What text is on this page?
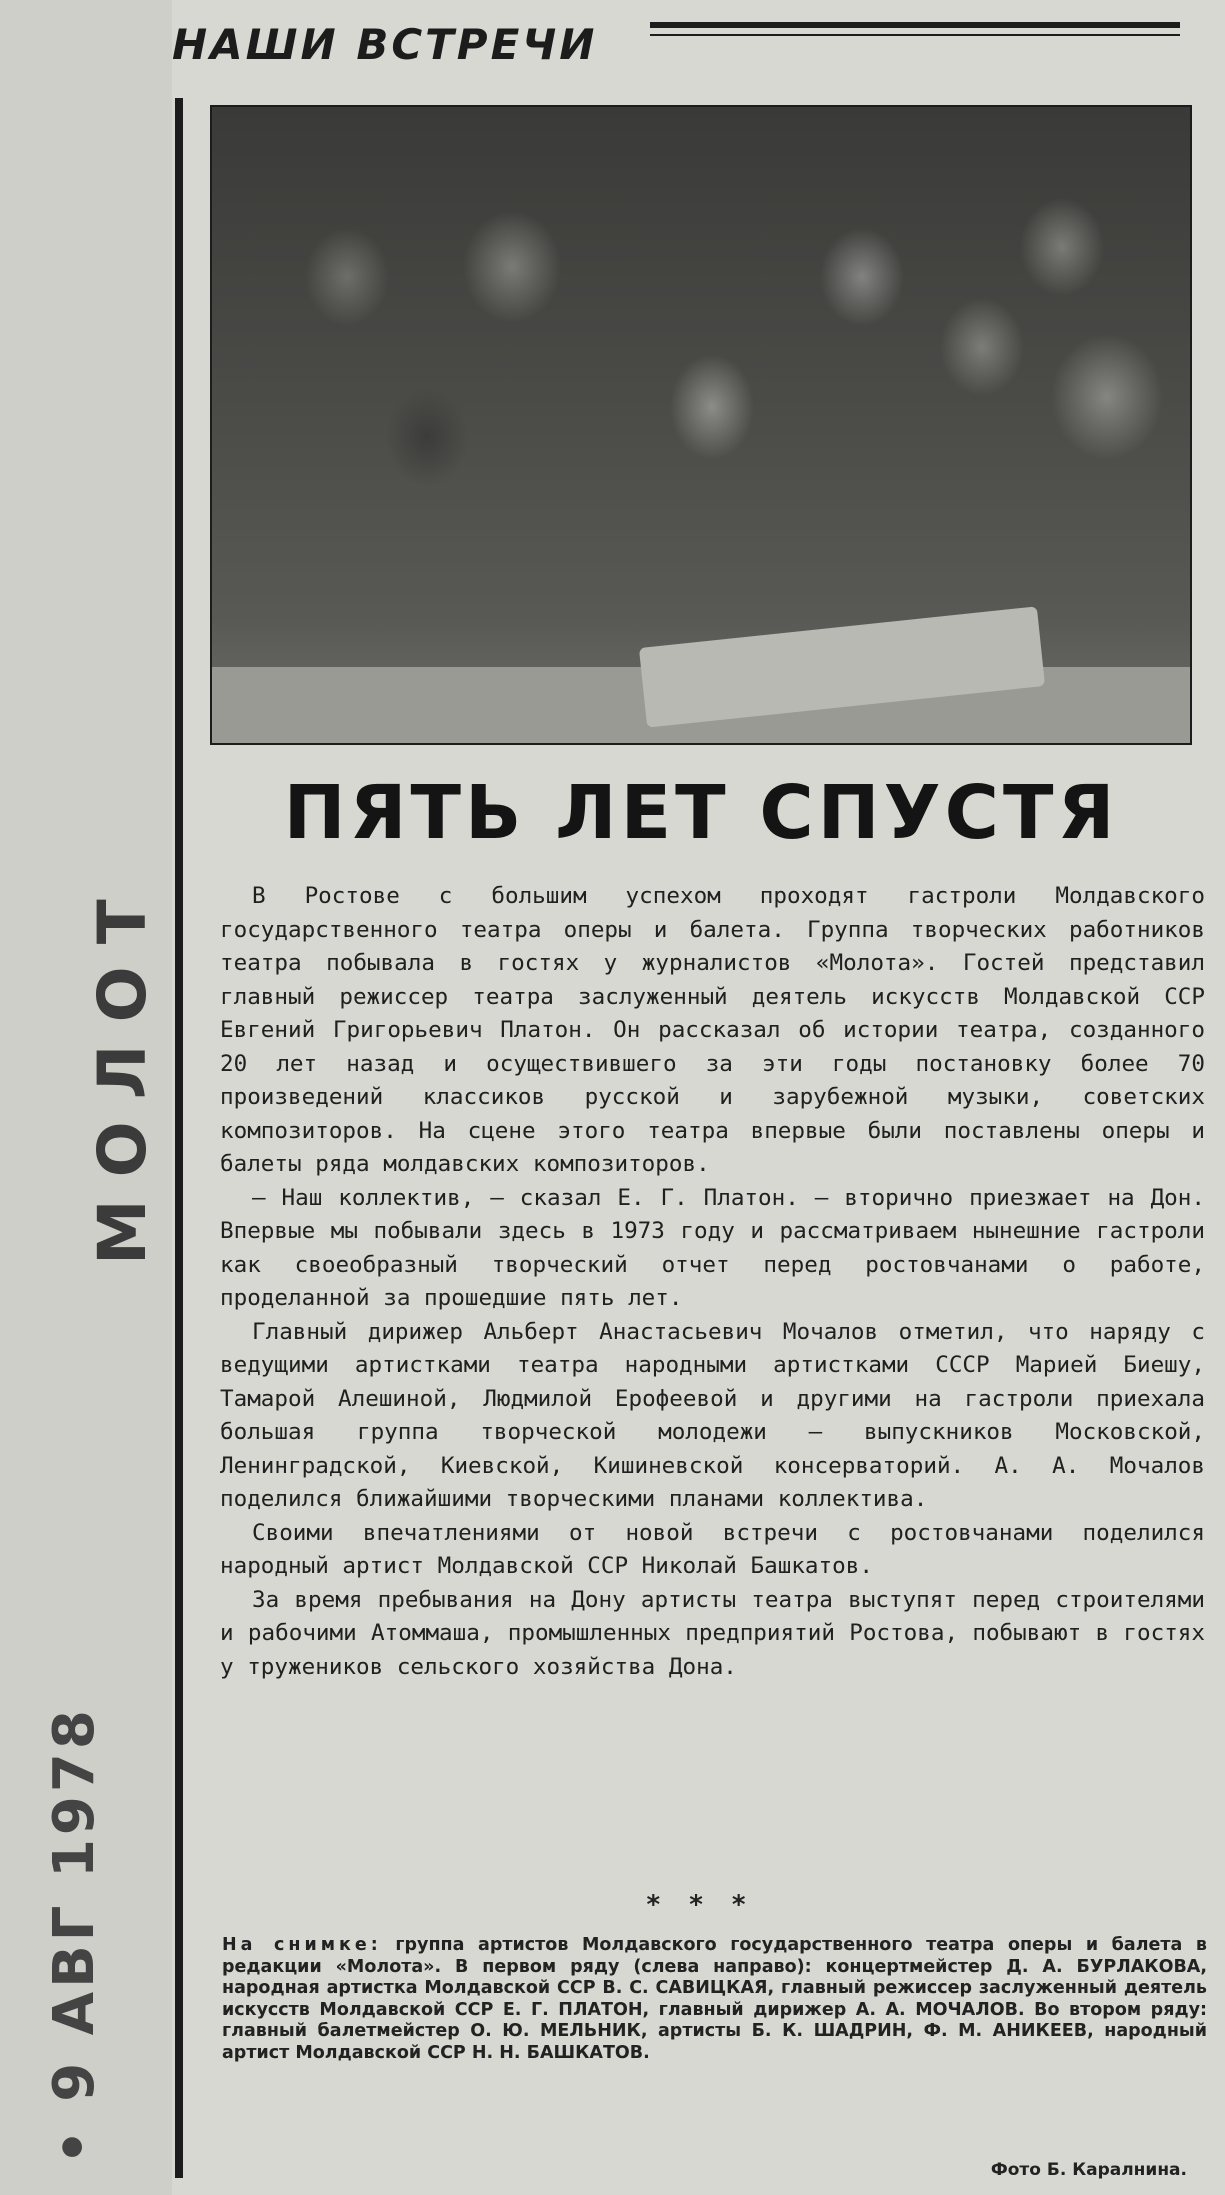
МОЛОТ
• 9 АВГ 1978
НАШИ ВСТРЕЧИ
ПЯТЬ ЛЕТ СПУСТЯ

В Ростове с большим успехом проходят гастроли Молдавского государственного театра оперы и балета. Группа творческих работников театра побывала в гостях у журналистов «Молота». Гостей представил главный режиссер театра заслуженный деятель искусств Молдавской ССР Евгений Григорьевич Платон. Он рассказал об истории театра, созданного 20 лет назад и осуществившего за эти годы постановку более 70 произведений классиков русской и зарубежной музыки, советских композиторов. На сцене этого театра впервые были поставлены оперы и балеты ряда молдавских композиторов.

— Наш коллектив, — сказал Е. Г. Платон. — вторично приезжает на Дон. Впервые мы побывали здесь в 1973 году и рассматриваем нынешние гастроли как своеобразный творческий отчет перед ростовчанами о работе, проделанной за прошедшие пять лет.

Главный дирижер Альберт Анастасьевич Мочалов отметил, что наряду с ведущими артистками театра народными артистками СССР Марией Биешу, Тамарой Алешиной, Людмилой Ерофеевой и другими на гастроли приехала большая группа творческой молодежи — выпускников Московской, Ленинградской, Киевской, Кишиневской консерваторий. А. А. Мочалов поделился ближайшими творческими планами коллектива.

Своими впечатлениями от новой встречи с ростовчанами поделился народный артист Молдавской ССР Николай Башкатов.

За время пребывания на Дону артисты театра выступят перед строителями и рабочими Атоммаша, промышленных предприятий Ростова, побывают в гостях у тружеников сельского хозяйства Дона.

* * *
На снимке: группа артистов Молдавского государственного театра оперы и балета в редакции «Молота». В первом ряду (слева направо): концертмейстер Д. А. БУРЛАКОВА, народная артистка Молдавской ССР В. С. САВИЦКАЯ, главный режиссер заслуженный деятель искусств Молдавской ССР Е. Г. ПЛАТОН, главный дирижер А. А. МОЧАЛОВ. Во втором ряду: главный балетмейстер О. Ю. МЕЛЬНИК, артисты Б. К. ШАДРИН, Ф. М. АНИКЕЕВ, народный артист Молдавской ССР Н. Н. БАШКАТОВ.
Фото Б. Каралнина.
